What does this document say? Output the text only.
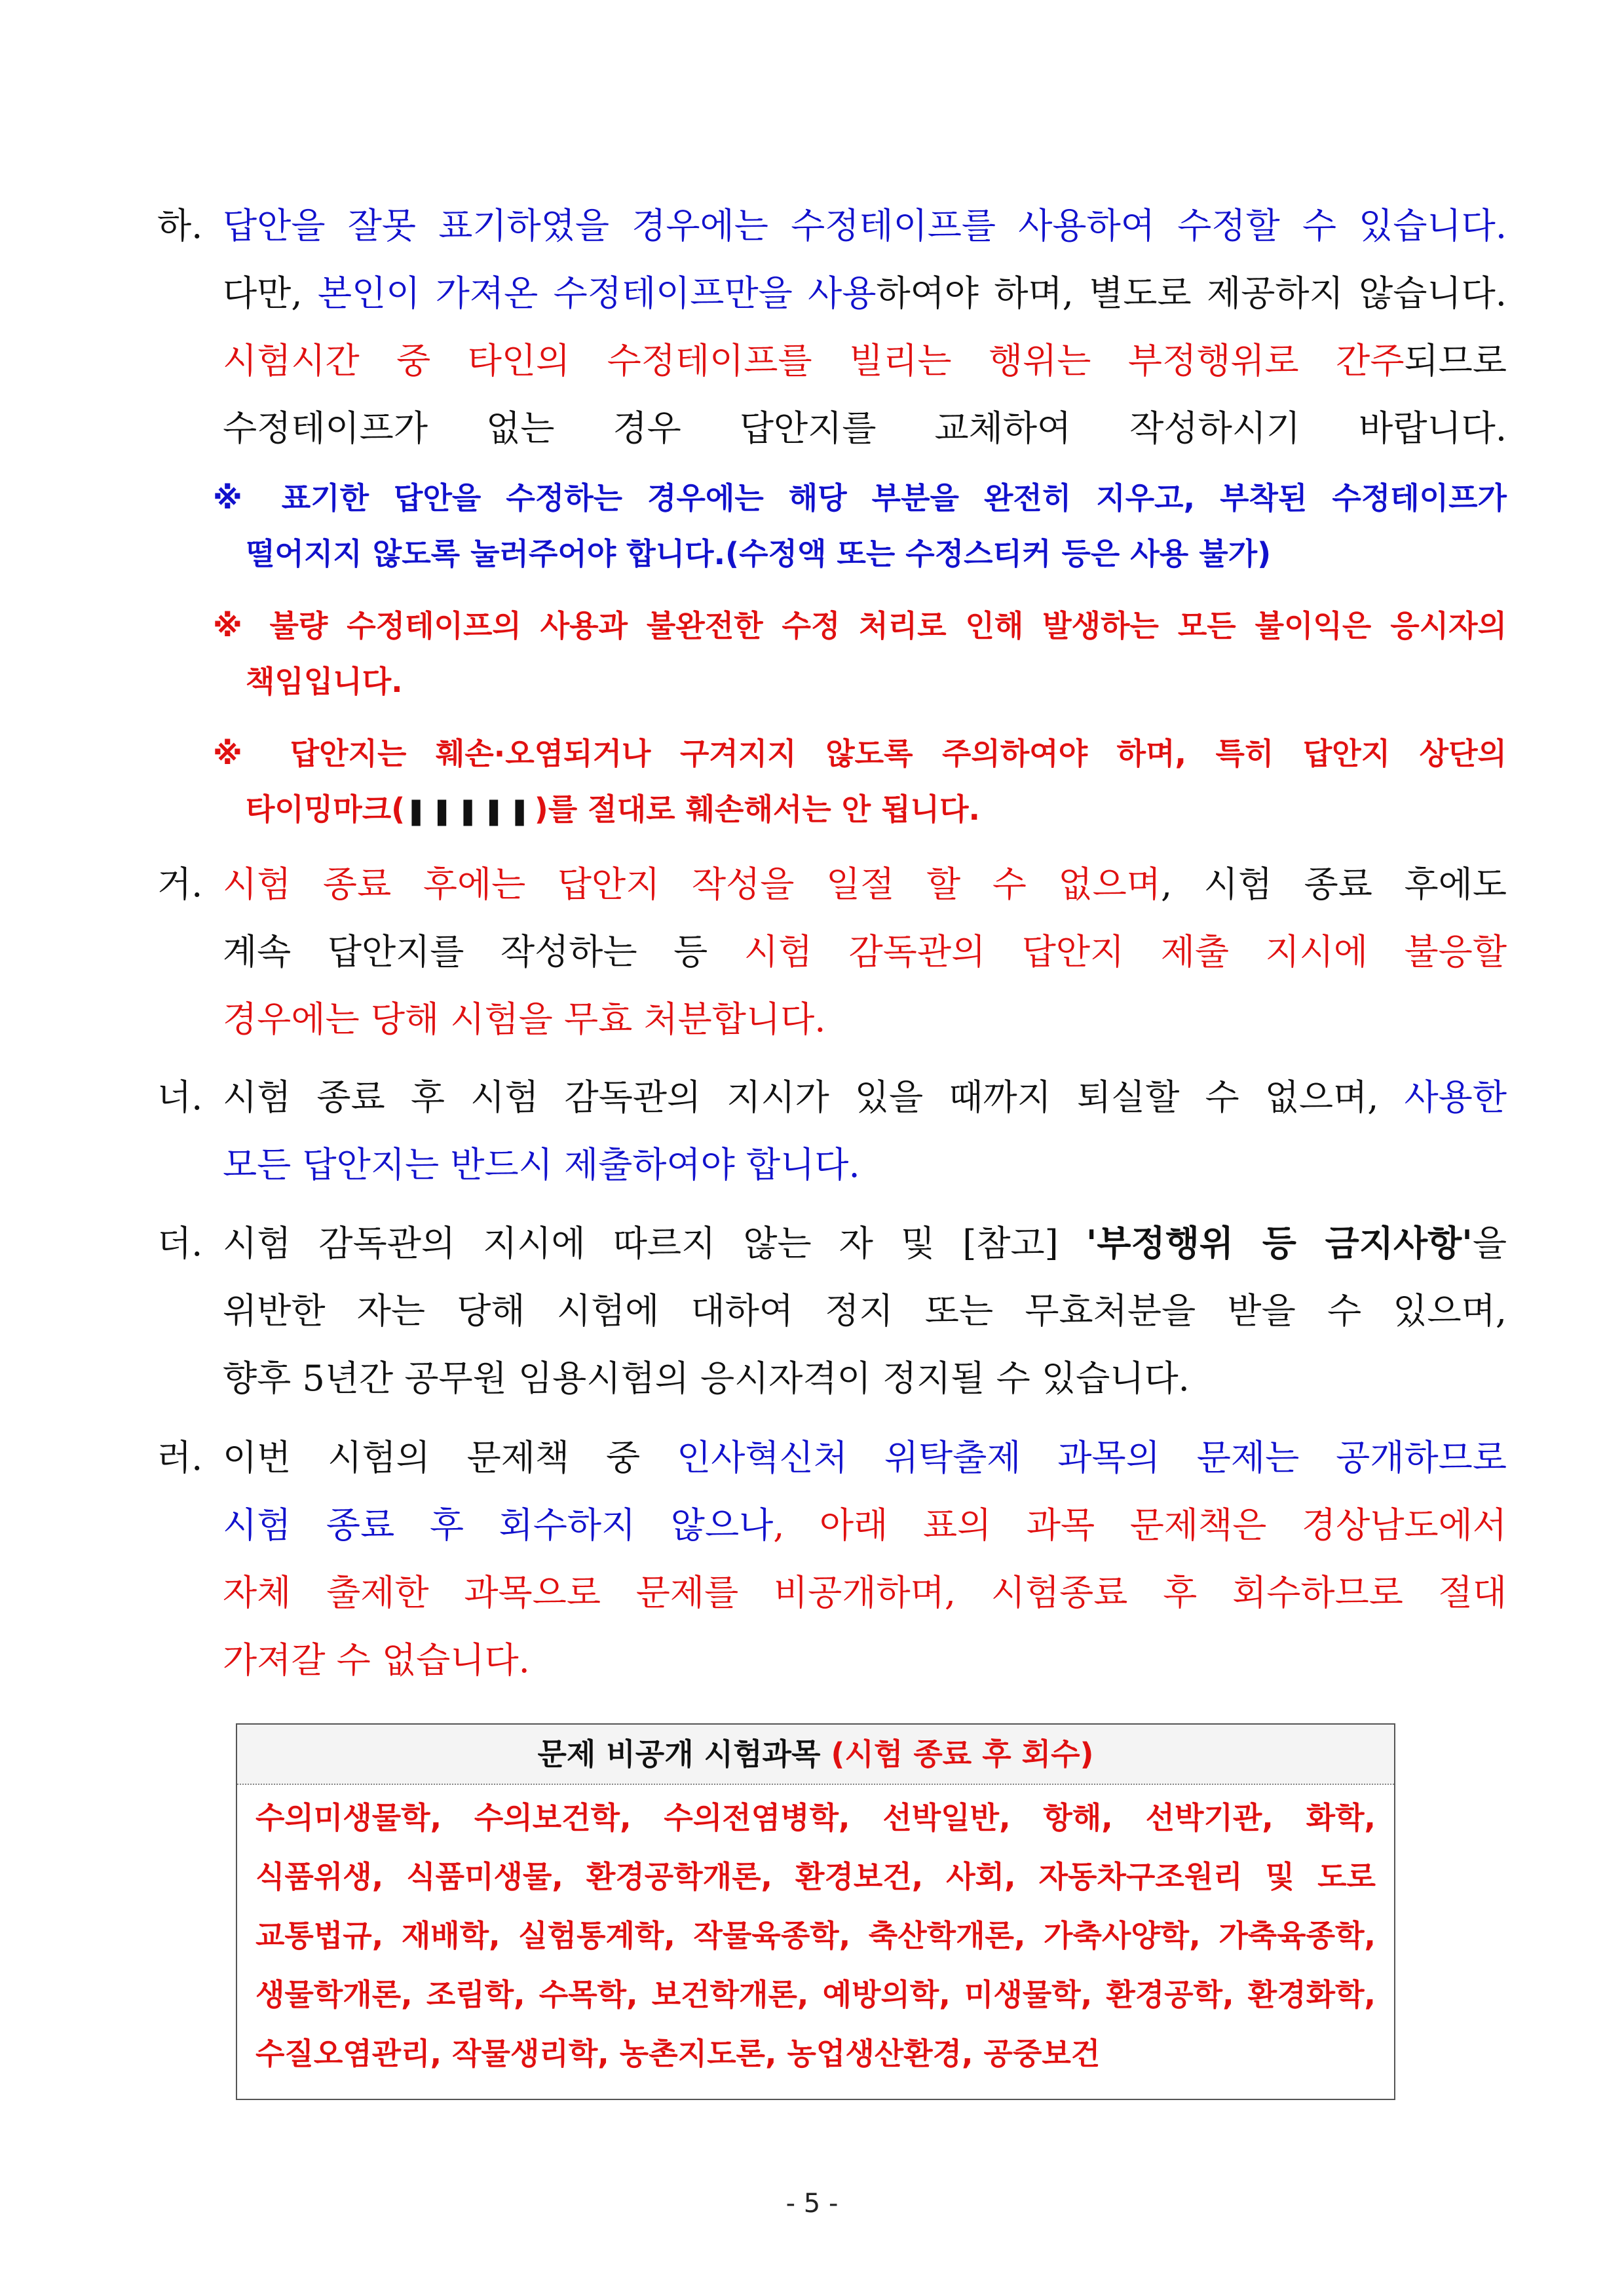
하. 답안을 잘못 표기하였을 경우에는 수정테이프를 사용하여 수정할 수 있습니다.
다만, 본인이 가져온 수정테이프만을 사용하여야 하며, 별도로 제공하지 않습니다.
시험시간 중 타인의 수정테이프를 빌리는 행위는 부정행위로 간주되므로
수정테이프가 없는 경우 답안지를 교체하여 작성하시기 바랍니다.
※ 표기한 답안을 수정하는 경우에는 해당 부분을 완전히 지우고, 부착된 수정테이프가
떨어지지 않도록 눌러주어야 합니다.(수정액 또는 수정스티커 등은 사용 불가)
※ 불량 수정테이프의 사용과 불완전한 수정 처리로 인해 발생하는 모든 불이익은 응시자의
책임입니다.
※ 답안지는 훼손·오염되거나 구겨지지 않도록 주의하여야 하며, 특히 답안지 상단의
타이밍마크(❚❚❚❚❚)를 절대로 훼손해서는 안 됩니다.
거. 시험 종료 후에는 답안지 작성을 일절 할 수 없으며, 시험 종료 후에도
계속 답안지를 작성하는 등 시험 감독관의 답안지 제출 지시에 불응할
경우에는 당해 시험을 무효 처분합니다.
너. 시험 종료 후 시험 감독관의 지시가 있을 때까지 퇴실할 수 없으며, 사용한
모든 답안지는 반드시 제출하여야 합니다.
더. 시험 감독관의 지시에 따르지 않는 자 및 [참고] '부정행위 등 금지사항'을
위반한 자는 당해 시험에 대하여 정지 또는 무효처분을 받을 수 있으며,
향후 5년간 공무원 임용시험의 응시자격이 정지될 수 있습니다.
러. 이번 시험의 문제책 중 인사혁신처 위탁출제 과목의 문제는 공개하므로
시험 종료 후 회수하지 않으나, 아래 표의 과목 문제책은 경상남도에서
자체 출제한 과목으로 문제를 비공개하며, 시험종료 후 회수하므로 절대
가져갈 수 없습니다.
문제 비공개 시험과목 (시험 종료 후 회수)
수의미생물학, 수의보건학, 수의전염병학, 선박일반, 항해, 선박기관, 화학,
식품위생, 식품미생물, 환경공학개론, 환경보건, 사회, 자동차구조원리 및 도로
교통법규, 재배학, 실험통계학, 작물육종학, 축산학개론, 가축사양학, 가축육종학,
생물학개론, 조림학, 수목학, 보건학개론, 예방의학, 미생물학, 환경공학, 환경화학,
수질오염관리, 작물생리학, 농촌지도론, 농업생산환경, 공중보건
- 5 -
